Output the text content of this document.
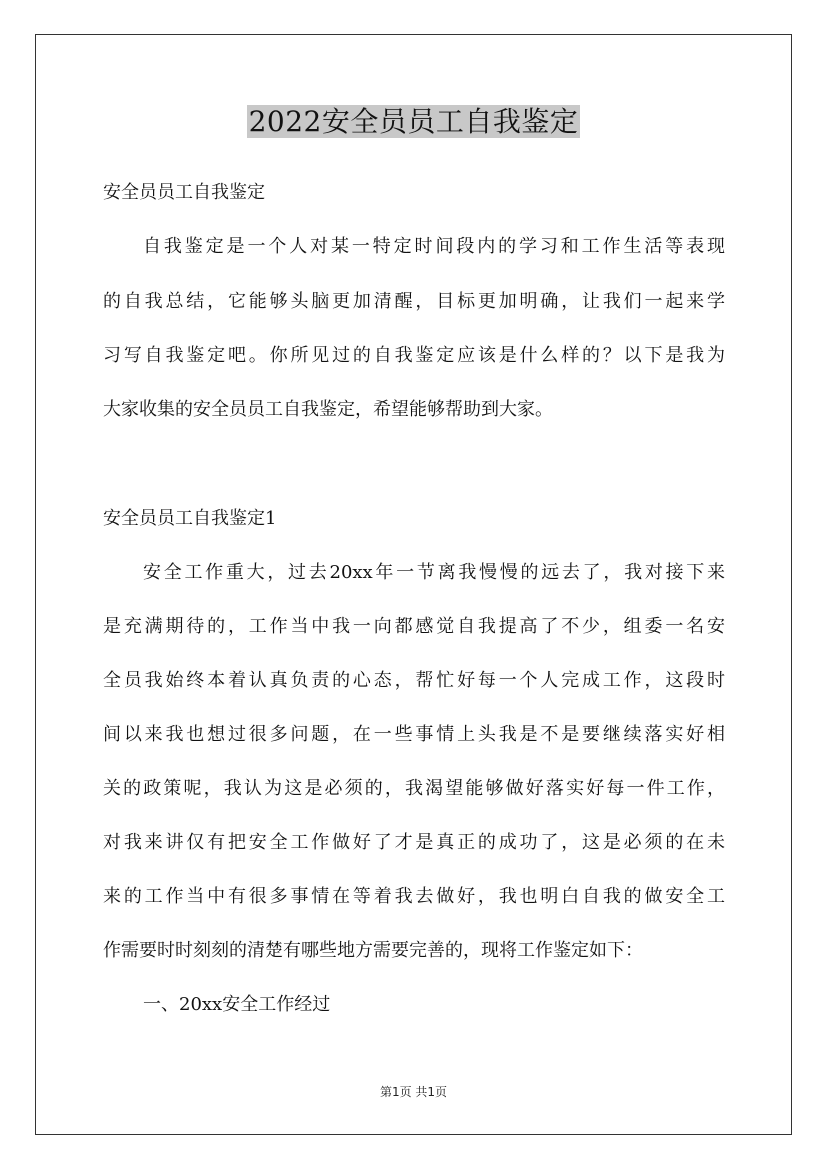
2022安全员员工自我鉴定
安全员员工自我鉴定
自我鉴定是一个人对某一特定时间段内的学习和工作生活等表现
的自我总结，它能够头脑更加清醒，目标更加明确，让我们一起来学
习写自我鉴定吧。你所见过的自我鉴定应该是什么样的？以下是我为
大家收集的安全员员工自我鉴定，希望能够帮助到大家。
安全员员工自我鉴定1
安全工作重大，过去20xx年一节离我慢慢的远去了，我对接下来
是充满期待的，工作当中我一向都感觉自我提高了不少，组委一名安
全员我始终本着认真负责的心态，帮忙好每一个人完成工作，这段时
间以来我也想过很多问题，在一些事情上头我是不是要继续落实好相
关的政策呢，我认为这是必须的，我渴望能够做好落实好每一件工作，
对我来讲仅有把安全工作做好了才是真正的成功了，这是必须的在未
来的工作当中有很多事情在等着我去做好，我也明白自我的做安全工
作需要时时刻刻的清楚有哪些地方需要完善的，现将工作鉴定如下：
一、20xx安全工作经过
第1页 共1页
